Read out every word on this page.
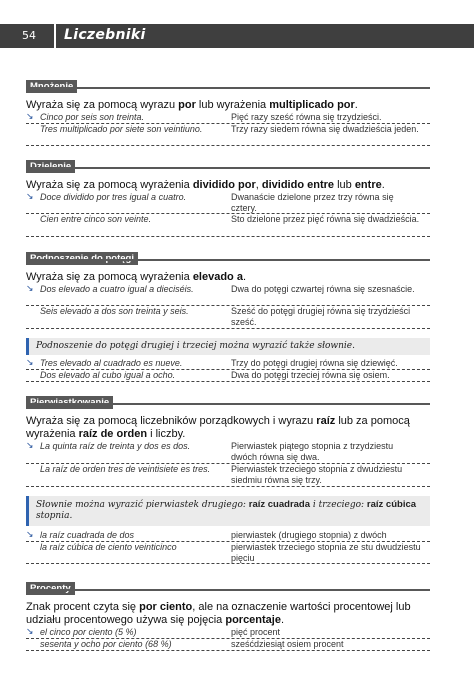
54 Liczebniki
Wyraża się za pomocą wyrazu por lub wyrażenia multiplicado por.
↘ Cinco por seis son treinta.	Pięć razy sześć równa się trzydzieści.
Tres multiplicado por siete son veintiuno.	Trzy razy siedem równa się dwadzieścia jeden.
Wyraża się za pomocą wyrażenia dividido por, dividido entre lub entre.
↘ Doce dividido por tres igual a cuatro.	Dwanaście dzielone przez trzy równa się cztery.
Cien entre cinco son veinte.	Sto dzielone przez pięć równa się dwadzieścia.
Wyraża się za pomocą wyrażenia elevado a.
↘ Dos elevado a cuatro igual a dieciséis.	Dwa do potęgi czwartej równa się szesnaście.
Seis elevado a dos son treinta y seis.	Sześć do potęgi drugiej równa się trzydzieści sześć.
Podnoszenie do potęgi drugiej i trzeciej można wyrazić także słownie.
↘ Tres elevado al cuadrado es nueve.	Trzy do potęgi drugiej równa się dziewięć.
Dos elevado al cubo igual a ocho.	Dwa do potęgi trzeciej równa się osiem.
Wyraża się za pomocą liczebników porządkowych i wyrazu raíz lub za pomocą wyrażenia raíz de orden i liczby.
↘ La quinta raíz de treinta y dos es dos.	Pierwiastek piątego stopnia z trzydziestu dwóch równa się dwa.
La raíz de orden tres de veintisiete es tres.	Pierwiastek trzeciego stopnia z dwudziestu siedmiu równa się trzy.
Słownie można wyrazić pierwiastek drugiego: raíz cuadrada i trzeciego: raíz cúbica stopnia.
↘ la raíz cuadrada de dos	pierwiastek (drugiego stopnia) z dwóch
la raíz cúbica de ciento veinticinco	pierwiastek trzeciego stopnia ze stu dwudziestu pięciu
Znak procent czyta się por ciento, ale na oznaczenie wartości procentowej lub udziału procentowego używa się pojęcia porcentaje.
↘ el cinco por ciento (5 %)	pięć procent
sesenta y ocho por ciento (68 %)	sześćdziesiąt osiem procent
